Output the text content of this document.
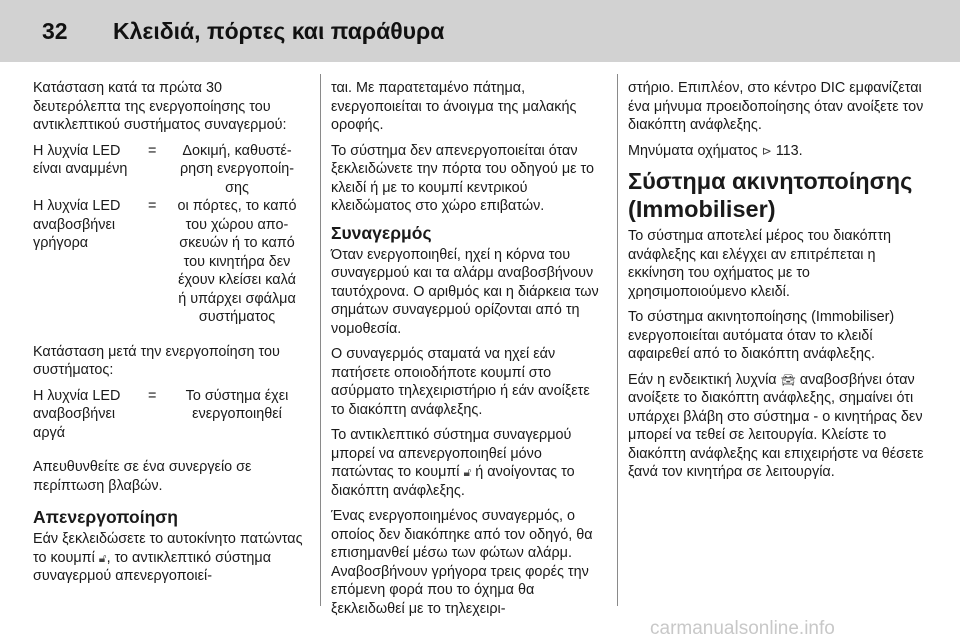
32 Κλειδιά, πόρτες και παράθυρα

Κατάσταση κατά τα πρώτα 30 δευτερόλεπτα της ενεργοποίησης του αντικλεπτικού συστήματος συναγερμού:

Η λυχνία LED είναι αναμμένη
=	Δοκιμή, καθυστέ-
ρηση ενεργοποίη-
σης
Η λυχνία LED αναβοσβήνει γρήγορα
=	οι πόρτες, το καπό
του χώρου απο-
σκευών ή το καπό
του κινητήρα δεν
έχουν κλείσει καλά
ή υπάρχει σφάλμα
συστήματος

Κατάσταση μετά την ενεργοποίηση του συστήματος:

Η λυχνία LED αναβοσβήνει αργά
=	Το σύστημα έχει
ενεργοποιηθεί

Απευθυνθείτε σε ένα συνεργείο σε περίπτωση βλαβών.

Απενεργοποίηση

Εάν ξεκλειδώσετε το αυτοκίνητο πατώντας το κουμπί 🔓︎, το αντικλεπτικό σύστημα συναγερμού απενεργοποιεί-

ται. Με παρατεταμένο πάτημα, ενεργοποιείται το άνοιγμα της μαλακής οροφής.

Το σύστημα δεν απενεργοποιείται όταν ξεκλειδώνετε την πόρτα του οδηγού με το κλειδί ή με το κουμπί κεντρικού κλειδώματος στο χώρο επιβατών.

Συναγερμός

Όταν ενεργοποιηθεί, ηχεί η κόρνα του συναγερμού και τα αλάρμ αναβοσβήνουν ταυτόχρονα. Ο αριθμός και η διάρκεια των σημάτων συναγερμού ορίζονται από τη νομοθεσία.

Ο συναγερμός σταματά να ηχεί εάν πατήσετε οποιοδήποτε κουμπί στο ασύρματο τηλεχειριστήριο ή εάν ανοίξετε το διακόπτη ανάφλεξης.

Το αντικλεπτικό σύστημα συναγερμού μπορεί να απενεργοποιηθεί μόνο πατώντας το κουμπί 🔓︎ ή ανοίγοντας το διακόπτη ανάφλεξης.

Ένας ενεργοποιημένος συναγερμός, ο οποίος δεν διακόπηκε από τον οδηγό, θα επισημανθεί μέσω των φώτων αλάρμ. Αναβοσβήνουν γρήγορα τρεις φορές την επόμενη φορά που το όχημα θα ξεκλειδωθεί με το τηλεχειρι-

στήριο. Επιπλέον, στο κέντρο DIC εμφανίζεται ένα μήνυμα προειδοποίησης όταν ανοίξετε τον διακόπτη ανάφλεξης.

Μηνύματα οχήματος ⊳ 113.

Σύστημα ακινητοποίησης (Immobiliser)

Το σύστημα αποτελεί μέρος του διακόπτη ανάφλεξης και ελέγχει αν επιτρέπεται η εκκίνηση του οχήματος με το χρησιμοποιούμενο κλειδί.

Το σύστημα ακινητοποίησης (Immobiliser) ενεργοποιείται αυτόματα όταν το κλειδί αφαιρεθεί από το διακόπτη ανάφλεξης.

Εάν η ενδεικτική λυχνία 🚘︎ αναβοσβήνει όταν ανοίξετε το διακόπτη ανάφλεξης, σημαίνει ότι υπάρχει βλάβη στο σύστημα - ο κινητήρας δεν μπορεί να τεθεί σε λειτουργία. Κλείστε το διακόπτη ανάφλεξης και επιχειρήστε να θέσετε ξανά τον κινητήρα σε λειτουργία.

carmanualsonline.info
